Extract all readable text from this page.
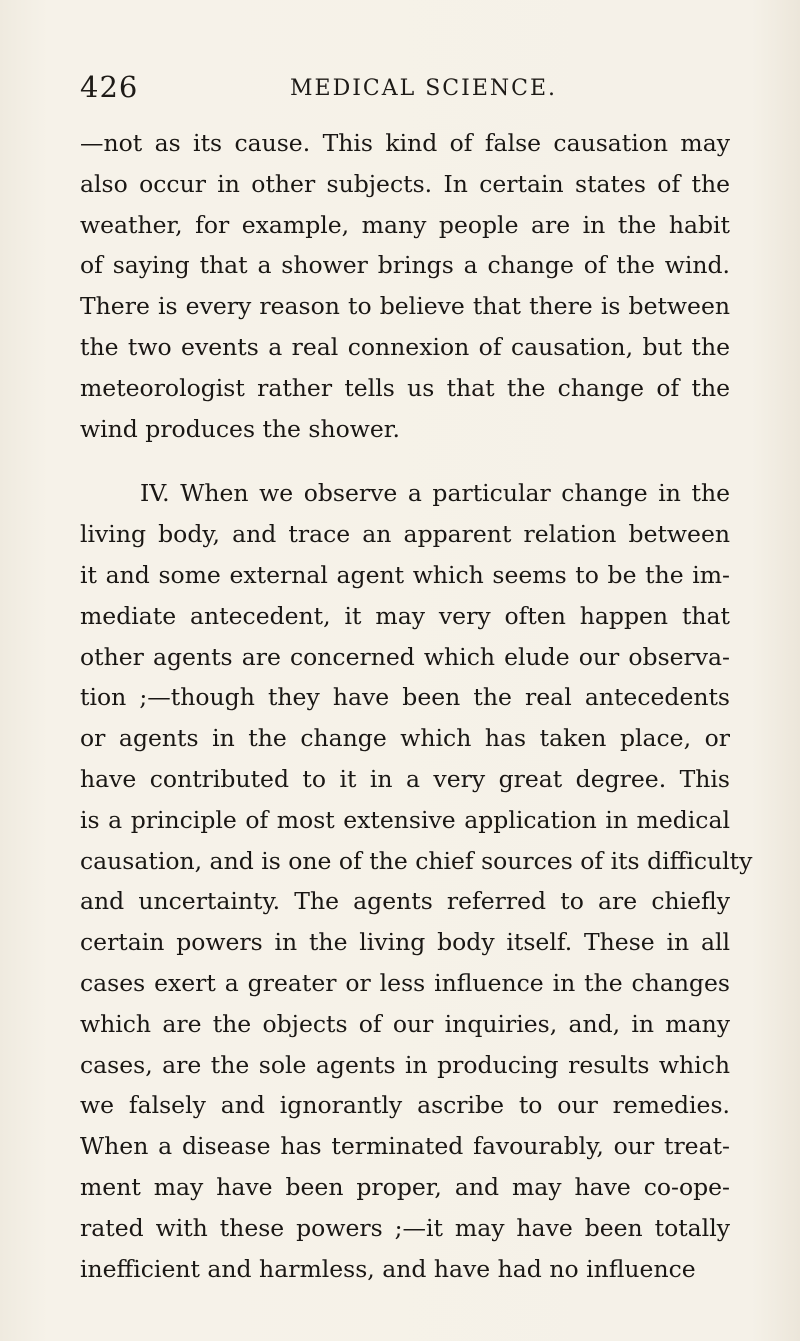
426	MEDICAL SCIENCE.
—not as its cause. This kind of false causation may
also occur in other subjects. In certain states of the
weather, for example, many people are in the habit
of saying that a shower brings a change of the wind.
There is every reason to believe that there is between
the two events a real connexion of causation, but the
meteorologist rather tells us that the change of the
wind produces the shower.
IV. When we observe a particular change in the
living body, and trace an apparent relation between
it and some external agent which seems to be the im-
mediate antecedent, it may very often happen that
other agents are concerned which elude our observa-
tion ;—though they have been the real antecedents
or agents in the change which has taken place, or
have contributed to it in a very great degree. This
is a principle of most extensive application in medical
causation, and is one of the chief sources of its difficulty
and uncertainty. The agents referred to are chiefly
certain powers in the living body itself. These in all
cases exert a greater or less influence in the changes
which are the objects of our inquiries, and, in many
cases, are the sole agents in producing results which
we falsely and ignorantly ascribe to our remedies.
When a disease has terminated favourably, our treat-
ment may have been proper, and may have co-ope-
rated with these powers ;—it may have been totally
inefficient and harmless, and have had no influence
